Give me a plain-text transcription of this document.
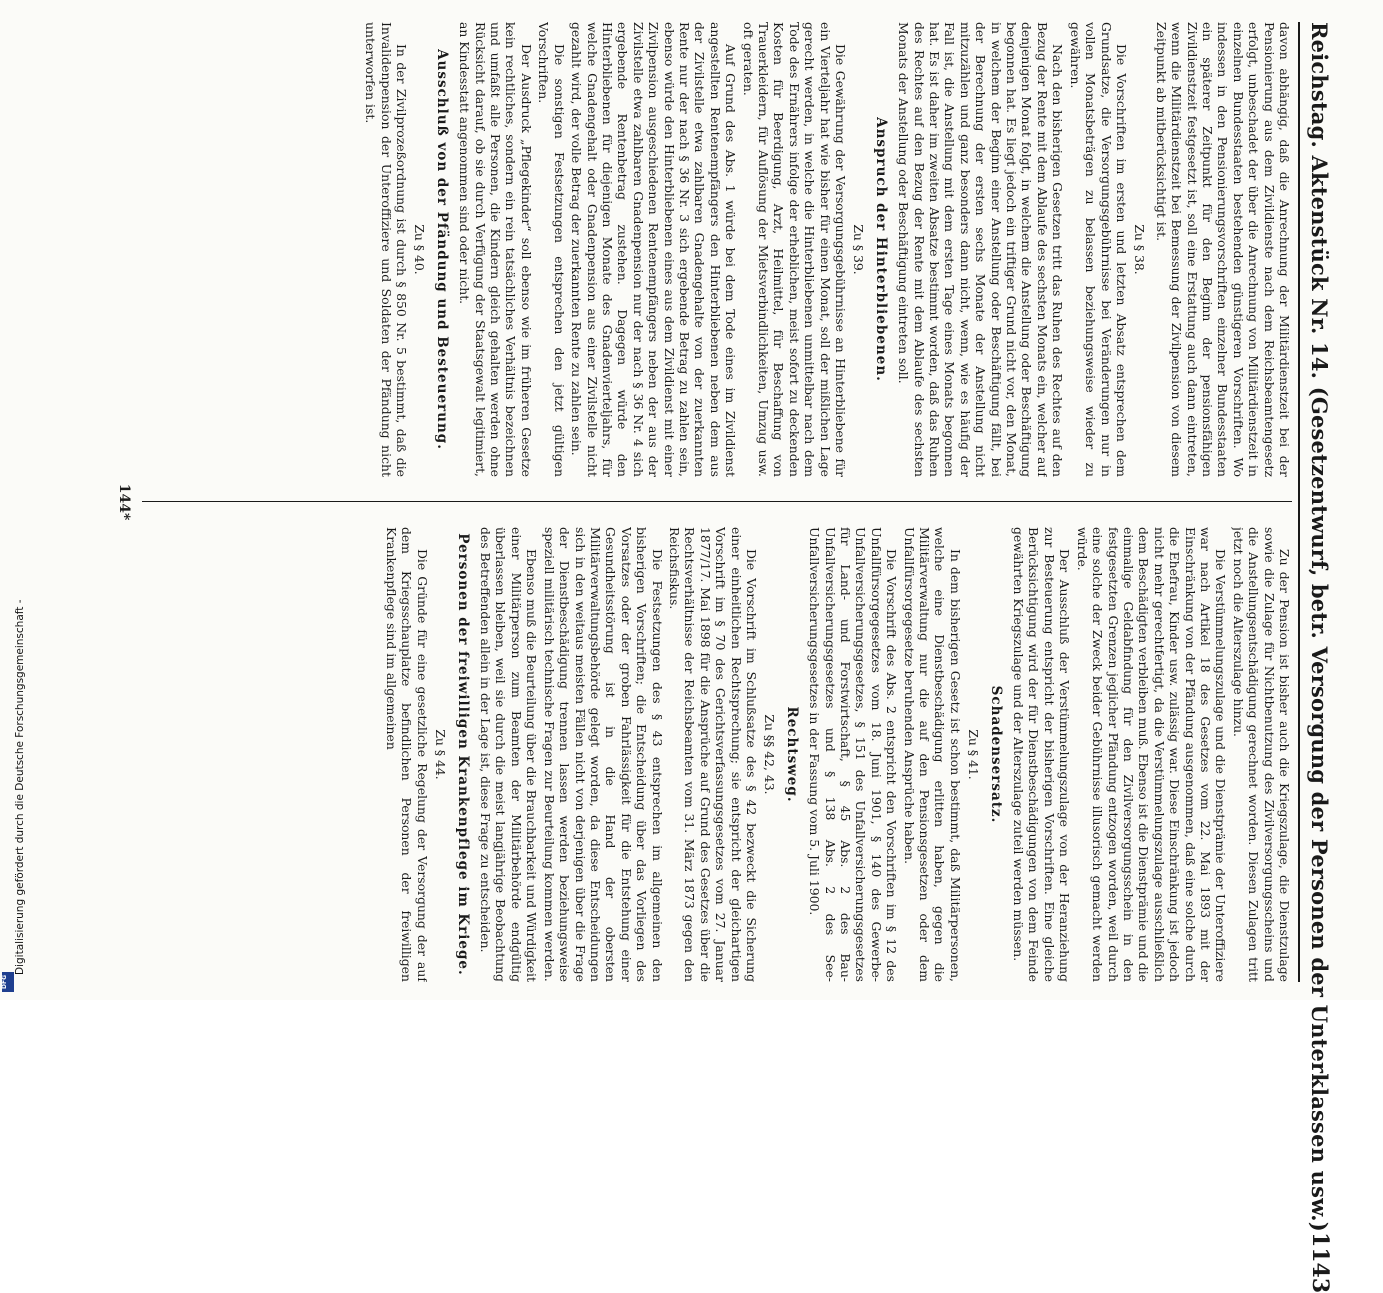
Reichstag. Aktenstück Nr. 14. (Gesetzentwurf, betr. Versorgung der Personen der Unterklassen usw.)
1143

davon abhängig, daß die Anrechnung der Militärdienstzeit bei der Pensionierung aus dem Zivildienste nach dem Reichsbeamtengesetz erfolgt, unbeschadet der über die Anrechnung von Militärdienstzeit in einzelnen Bundesstaaten bestehenden günstigeren Vorschriften. Wo indessen in den Pensionierungsvorschriften einzelner Bundesstaaten ein späterer Zeitpunkt für den Beginn der pensionsfähigen Zivildienstzeit festgesetzt ist, soll eine Erstattung auch dann eintreten, wenn die Militärdienstzeit bei Bemessung der Zivilpension von diesem Zeitpunkt ab mitberücksichtigt ist.

Zu § 38.

Die Vorschriften im ersten und letzten Absatz entsprechen dem Grundsatze, die Versorgungsgebührnisse bei Veränderungen nur in vollen Monatsbeträgen zu belassen beziehungsweise wieder zu gewähren.

Nach den bisherigen Gesetzen tritt das Ruhen des Rechtes auf den Bezug der Rente mit dem Ablaufe des sechsten Monats ein, welcher auf denjenigen Monat folgt, in welchem die Anstellung oder Beschäftigung begonnen hat. Es liegt jedoch ein triftiger Grund nicht vor, den Monat, in welchem der Beginn einer Anstellung oder Beschäftigung fällt, bei der Berechnung der ersten sechs Monate der Anstellung nicht mitzuzählen und ganz besonders dann nicht, wenn, wie es häufig der Fall ist, die Anstellung mit dem ersten Tage eines Monats begonnen hat. Es ist daher im zweiten Absatze bestimmt worden, daß das Ruhen des Rechtes auf den Bezug der Rente mit dem Ablaufe des sechsten Monats der Anstellung oder Beschäftigung eintreten soll.

Anspruch der Hinterbliebenen.
Zu § 39.

Die Gewährung der Versorgungsgebührnisse an Hinterbliebene für ein Vierteljahr hat wie bisher für einen Monat, soll der mißlichen Lage gerecht werden, in welche die Hinterbliebenen unmittelbar nach dem Tode des Ernährers infolge der erheblichen, meist sofort zu deckenden Kosten für Beerdigung, Arzt, Heilmittel, für Beschaffung von Trauerkleidern, für Auflösung der Mietsverbindlichkeiten, Umzug usw. oft geraten.

Auf Grund des Abs. 1 würde bei dem Tode eines im Zivildienst angestellten Rentenempfängers den Hinterbliebenen neben dem aus der Zivilstelle etwa zahlbaren Gnadengehalte von der zuerkannten Rente nur der nach § 36 Nr. 3 sich ergebende Betrag zu zahlen sein, ebenso würde den Hinterbliebenen eines aus dem Zivildienst mit einer Zivilpension ausgeschiedenen Rentenempfängers neben der aus der Zivilstelle etwa zahlbaren Gnadenpension nur der nach § 36 Nr. 4 sich ergebende Rentenbetrag zustehen. Dagegen würde den Hinterbliebenen für diejenigen Monate des Gnadenvierteljahrs, für welche Gnadengehalt oder Gnadenpension aus einer Zivilstelle nicht gezahlt wird, der volle Betrag der zuerkannten Rente zu zahlen sein.

Die sonstigen Festsetzungen entsprechen den jetzt gültigen Vorschriften.

Der Ausdruck „Pflegekinder“ soll ebenso wie im früheren Gesetze kein rechtliches, sondern ein rein tatsächliches Verhältnis bezeichnen und umfaßt alle Personen, die Kindern gleich gehalten werden ohne Rücksicht darauf, ob sie durch Verfügung der Staatsgewalt legitimiert, an Kindesstatt angenommen sind oder nicht.

Ausschluß von der Pfändung und Besteuerung.
Zu § 40.

In der Zivilprozeßordnung ist durch § 850 Nr. 5 bestimmt, daß die Invalidenpension der Unteroffiziere und Soldaten der Pfändung nicht unterworfen ist.

Zu der Pension ist bisher auch die Kriegszulage, die Dienstzulage sowie die Zulage für Nichtbenutzung des Zivilversorgungsscheins und die Anstellungsentschädigung gerechnet worden. Diesen Zulagen tritt jetzt noch die Alterszulage hinzu.

Die Verstümmelungszulage und die Dienstprämie der Unteroffiziere war nach Artikel 18 des Gesetzes vom 22. Mai 1893 mit der Einschränkung von der Pfändung ausgenommen, daß eine solche durch die Ehefrau, Kinder usw. zulässig war. Diese Einschränkung ist jedoch nicht mehr gerechtfertigt, da die Verstümmelungszulage ausschließlich dem Beschädigten verbleiben muß. Ebenso ist die Dienstprämie und die einmalige Geldabfindung für den Zivilversorgungsschein in den festgesetzten Grenzen jeglicher Pfändung entzogen worden, weil durch eine solche der Zweck beider Gebührnisse illusorisch gemacht werden würde.

Der Ausschluß der Verstümmelungszulage von der Heranziehung zur Besteuerung entspricht der bisherigen Vorschriften. Eine gleiche Berücksichtigung wird der für Dienstbeschädigungen von dem Feinde gewährten Kriegszulage und der Alterszulage zuteil werden müssen.

Schadensersatz.
Zu § 41.

In dem bisherigen Gesetz ist schon bestimmt, daß Militärpersonen, welche eine Dienstbeschädigung erlitten haben, gegen die Militärverwaltung nur die auf den Pensionsgesetzen oder dem Unfallfürsorgegesetze beruhenden Ansprüche haben.

Die Vorschrift des Abs. 2 entspricht den Vorschriften im § 12 des Unfallfürsorgegesetzes vom 18. Juni 1901, § 140 des Gewerbe-Unfallversicherungsgesetzes, § 151 des Unfallversicherungsgesetzes für Land- und Forstwirtschaft, § 45 Abs. 2 des Bau-Unfallversicherungsgesetzes und § 138 Abs. 2 des See-Unfallversicherungsgesetzes in der Fassung vom 5. Juli 1900.

Rechtsweg.
Zu §§ 42, 43.

Die Vorschrift im Schlußsatze des § 42 bezweckt die Sicherung einer einheitlichen Rechtsprechung; sie entspricht der gleichartigen Vorschrift im § 70 des Gerichtsverfassungsgesetzes vom 27. Januar 1877/17. Mai 1898 für die Ansprüche auf Grund des Gesetzes über die Rechtsverhältnisse der Reichsbeamten vom 31. März 1873 gegen den Reichsfiskus.

Die Festsetzungen des § 43 entsprechen im allgemeinen den bisherigen Vorschriften; die Entscheidung über das Vorliegen des Vorsatzes oder der groben Fahrlässigkeit für die Entstehung einer Gesundheitsstörung ist in die Hand der obersten Militärverwaltungsbehörde gelegt worden, da diese Entscheidungen sich in den weitaus meisten Fällen nicht von derjenigen über die Frage der Dienstbeschädigung trennen lassen werden beziehungsweise speziell militärisch technische Fragen zur Beurteilung kommen werden.

Ebenso muß die Beurteilung über die Brauchbarkeit und Würdigkeit einer Militärperson zum Beamten der Militärbehörde endgültig überlassen bleiben, weil sie durch die meist langjährige Beobachtung des Betreffenden allein in der Lage ist, diese Frage zu entscheiden.

Personen der freiwilligen Krankenpflege im Kriege.
Zu § 44.

Die Gründe für eine gesetzliche Regelung der Versorgung der auf dem Kriegsschauplatze befindlichen Personen der freiwilligen Krankenpflege sind im allgemeinen

144*
Digitalisierung gefördert durch die Deutsche Forschungsgemeinschaft -
DFG
